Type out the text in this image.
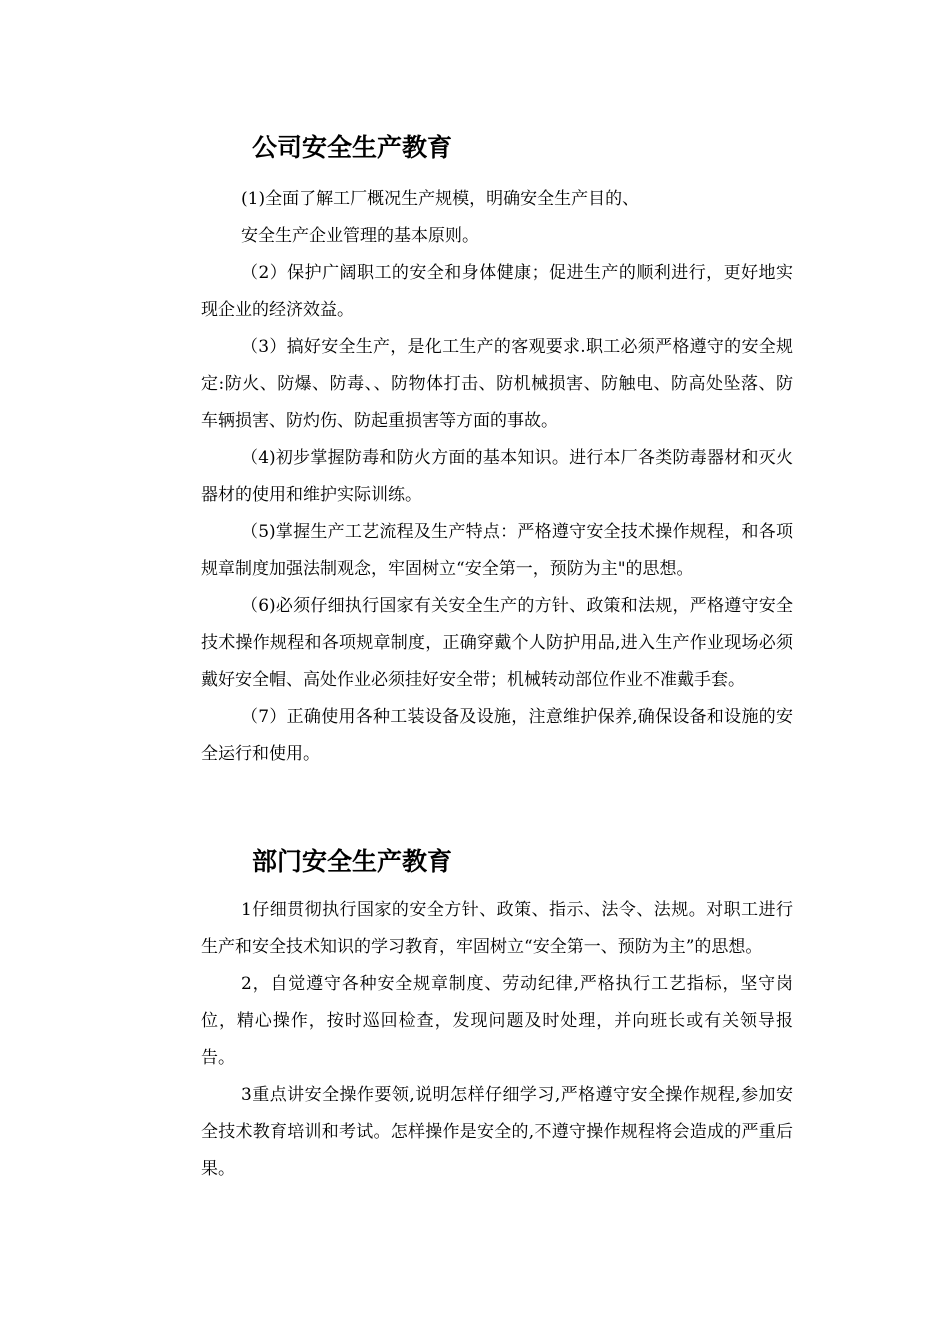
公司安全生产教育

(1)全面了解工厂概况生产规模，明确安全生产目的、

安全生产企业管理的基本原则。

（2）保护广阔职工的安全和身体健康；促进生产的顺利进行，更好地实现企业的经济效益。

（3）搞好安全生产，是化工生产的客观要求.职工必须严格遵守的安全规定:防火、防爆、防毒、、防物体打击、防机械损害、防触电、防高处坠落、防车辆损害、防灼伤、防起重损害等方面的事故。

（4)初步掌握防毒和防火方面的基本知识。进行本厂各类防毒器材和灭火器材的使用和维护实际训练。

（5)掌握生产工艺流程及生产特点：严格遵守安全技术操作规程，和各项规章制度加强法制观念，牢固树立“安全第一，预防为主"的思想。

（6)必须仔细执行国家有关安全生产的方针、政策和法规，严格遵守安全技术操作规程和各项规章制度，正确穿戴个人防护用品,进入生产作业现场必须戴好安全帽、高处作业必须挂好安全带；机械转动部位作业不准戴手套。

（7）正确使用各种工装设备及设施，注意维护保养,确保设备和设施的安全运行和使用。

部门安全生产教育

1仔细贯彻执行国家的安全方针、政策、指示、法令、法规。对职工进行生产和安全技术知识的学习教育，牢固树立“安全第一、预防为主”的思想。

2，自觉遵守各种安全规章制度、劳动纪律,严格执行工艺指标，坚守岗位，精心操作，按时巡回检查，发现问题及时处理，并向班长或有关领导报告。

3重点讲安全操作要领,说明怎样仔细学习,严格遵守安全操作规程,参加安全技术教育培训和考试。怎样操作是安全的,不遵守操作规程将会造成的严重后果。
